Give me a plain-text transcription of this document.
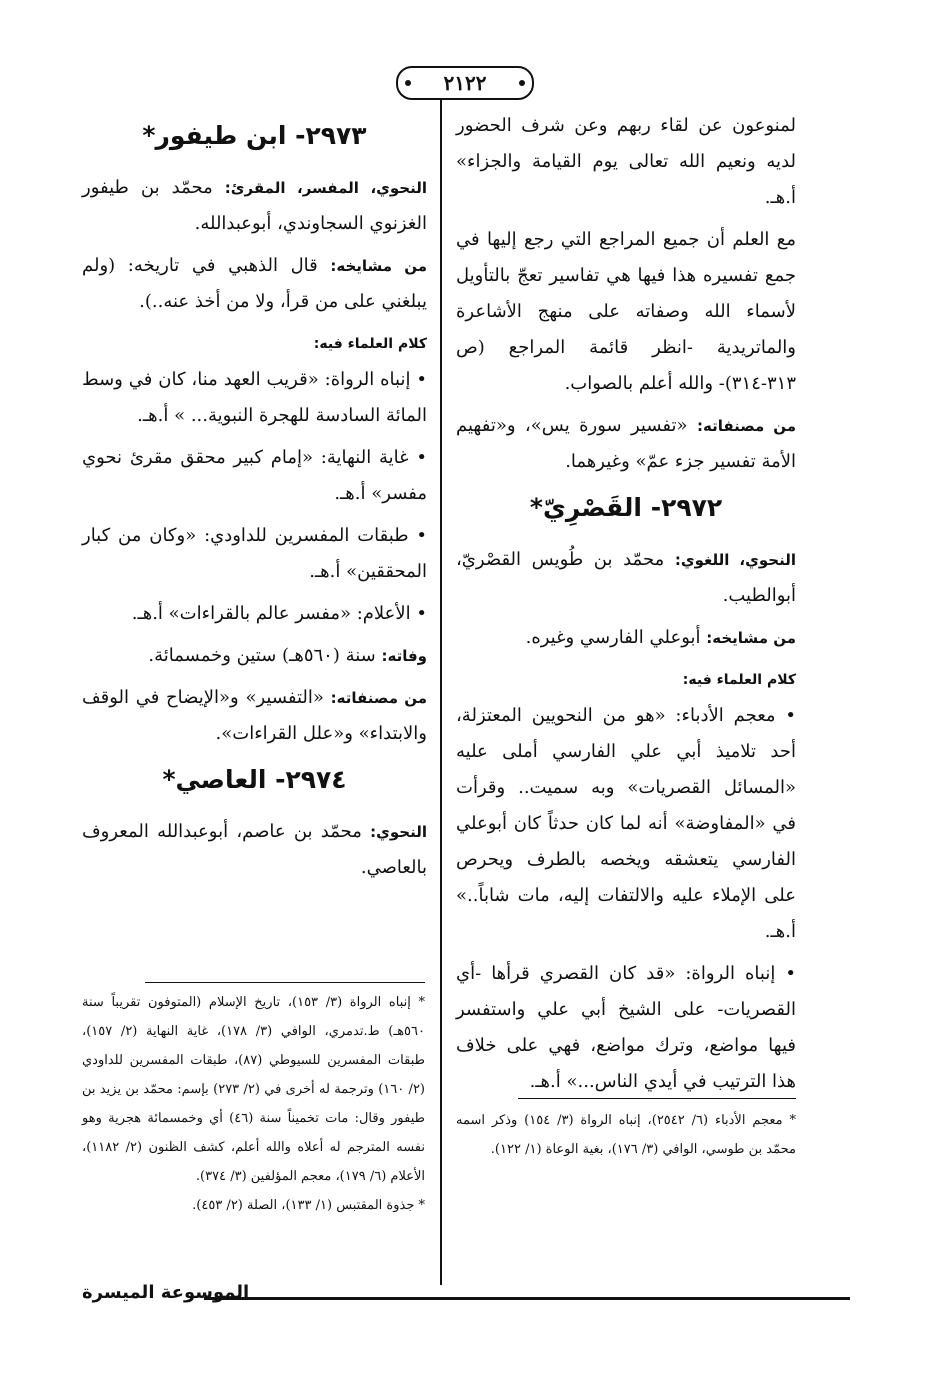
٢١٢٢

لمنوعون عن لقاء ربهم وعن شرف الحضور لديه ونعيم الله تعالى يوم القيامة والجزاء» أ.هـ.

مع العلم أن جميع المراجع التي رجع إليها في جمع تفسيره هذا فيها هي تفاسير تعجّ بالتأويل لأسماء الله وصفاته على منهج الأشاعرة والماتريدية -انظر قائمة المراجع (ص ٣١٣-٣١٤)- والله أعلم بالصواب.

من مصنفاته: «تفسير سورة يس»، و«تفهيم الأمة تفسير جزء عمّ» وغيرهما.

٢٩٧٢- القَصْرِيّ*

النحوي، اللغوي: محمّد بن طُويس القصْريّ، أبوالطيب.

من مشايخه: أبوعلي الفارسي وغيره.

كلام العلماء فيه:

• معجم الأدباء: «هو من النحويين المعتزلة، أحد تلاميذ أبي علي الفارسي أملى عليه «المسائل القصريات» وبه سميت.. وقرأت في «المفاوضة» أنه لما كان حدثاً كان أبوعلي الفارسي يتعشقه ويخصه بالطرف ويحرص على الإملاء عليه والالتفات إليه، مات شاباً..» أ.هـ.

• إنباه الرواة: «قد كان القصري قرأها -أي القصريات- على الشيخ أبي علي واستفسر فيها مواضع، وترك مواضع، فهي على خلاف هذا الترتيب في أيدي الناس...» أ.هـ.

٢٩٧٣- ابن طيفور*

النحوي، المفسر، المقرئ: محمّد بن طيفور الغزنوي السجاوندي، أبوعبدالله.

من مشايخه: قال الذهبي في تاريخه: (ولم يبلغني على من قرأ، ولا من أخذ عنه..).

كلام العلماء فيه:

• إنباه الرواة: «قريب العهد منا، كان في وسط المائة السادسة للهجرة النبوية... » أ.هـ.

• غاية النهاية: «إمام كبير محقق مقرئ نحوي مفسر» أ.هـ.

• طبقات المفسرين للداودي: «وكان من كبار المحققين» أ.هـ.

• الأعلام: «مفسر عالم بالقراءات» أ.هـ.

وفاته: سنة (٥٦٠هـ) ستين وخمسمائة.

من مصنفاته: «التفسير» و«الإيضاح في الوقف والابتداء» و«علل القراءات».

٢٩٧٤- العاصي*

النحوي: محمّد بن عاصم، أبوعبدالله المعروف بالعاصي.

* إنباه الرواة (٣/ ١٥٣)، تاريخ الإسلام (المتوفون تقريباً سنة ٥٦٠هـ) ط.تدمري، الوافي (٣/ ١٧٨)، غاية النهاية (٢/ ١٥٧)، طبقات المفسرين للسيوطي (٨٧)، طبقات المفسرين للداودي (٢/ ١٦٠) وترجمة له أخرى في (٢/ ٢٧٣) بإسم: محمّد بن يزيد بن طيفور وقال: مات تخميناً سنة (٤٦) أي وخمسمائة هجرية وهو نفسه المترجم له أعلاه والله أعلم، كشف الظنون (٢/ ١١٨٢)، الأعلام (٦/ ١٧٩)، معجم المؤلفين (٣/ ٣٧٤).

* جذوة المقتبس (١/ ١٣٣)، الصلة (٢/ ٤٥٣).

* معجم الأدباء (٦/ ٢٥٤٢)، إنباه الرواة (٣/ ١٥٤) وذكر اسمه محمّد بن طوسي، الوافي (٣/ ١٧٦)، بغية الوعاة (١/ ١٢٢).

الموسوعة الميسرة
